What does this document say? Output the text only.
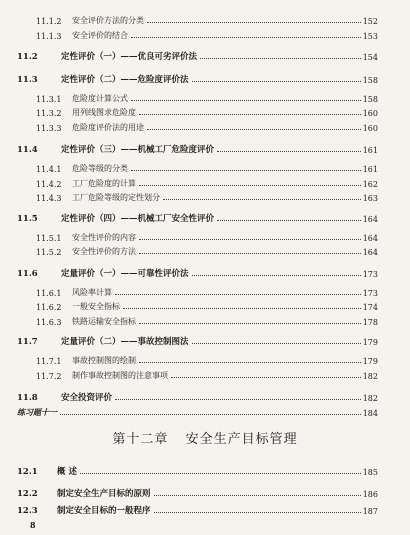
11.1.2	安全评价方法的分类	152
11.1.3	安全评价的结合	153
11.2	定性评价（一）——优良可劣评价法	154
11.3	定性评价（二）——危险度评价法	158
11.3.1	危险度计算公式	158
11.3.2	用列线图求危险度	160
11.3.3	危险度评价法的用途	160
11.4	定性评价（三）——机械工厂危险度评价	161
11.4.1	危险等级的分类	161
11.4.2	工厂危险度的计算	162
11.4.3	工厂危险等级的定性划分	163
11.5	定性评价（四）——机械工厂安全性评价	164
11.5.1	安全性评价的内容	164
11.5.2	安全性评价的方法	164
11.6	定量评价（一）——可靠性评价法	173
11.6.1	风险率计算	173
11.6.2	一般安全指标	174
11.6.3	铁路运输安全指标	178
11.7	定量评价（二）——事故控制图法	179
11.7.1	事故控制图的绘制	179
11.7.2	制作事故控制图的注意事项	182
11.8	安全投资评价	182
练习题十一	184
第十二章 安全生产目标管理
12.1	概 述	185
12.2	制定安全生产目标的原则	186
12.3	制定安全目标的一般程序	187
8
